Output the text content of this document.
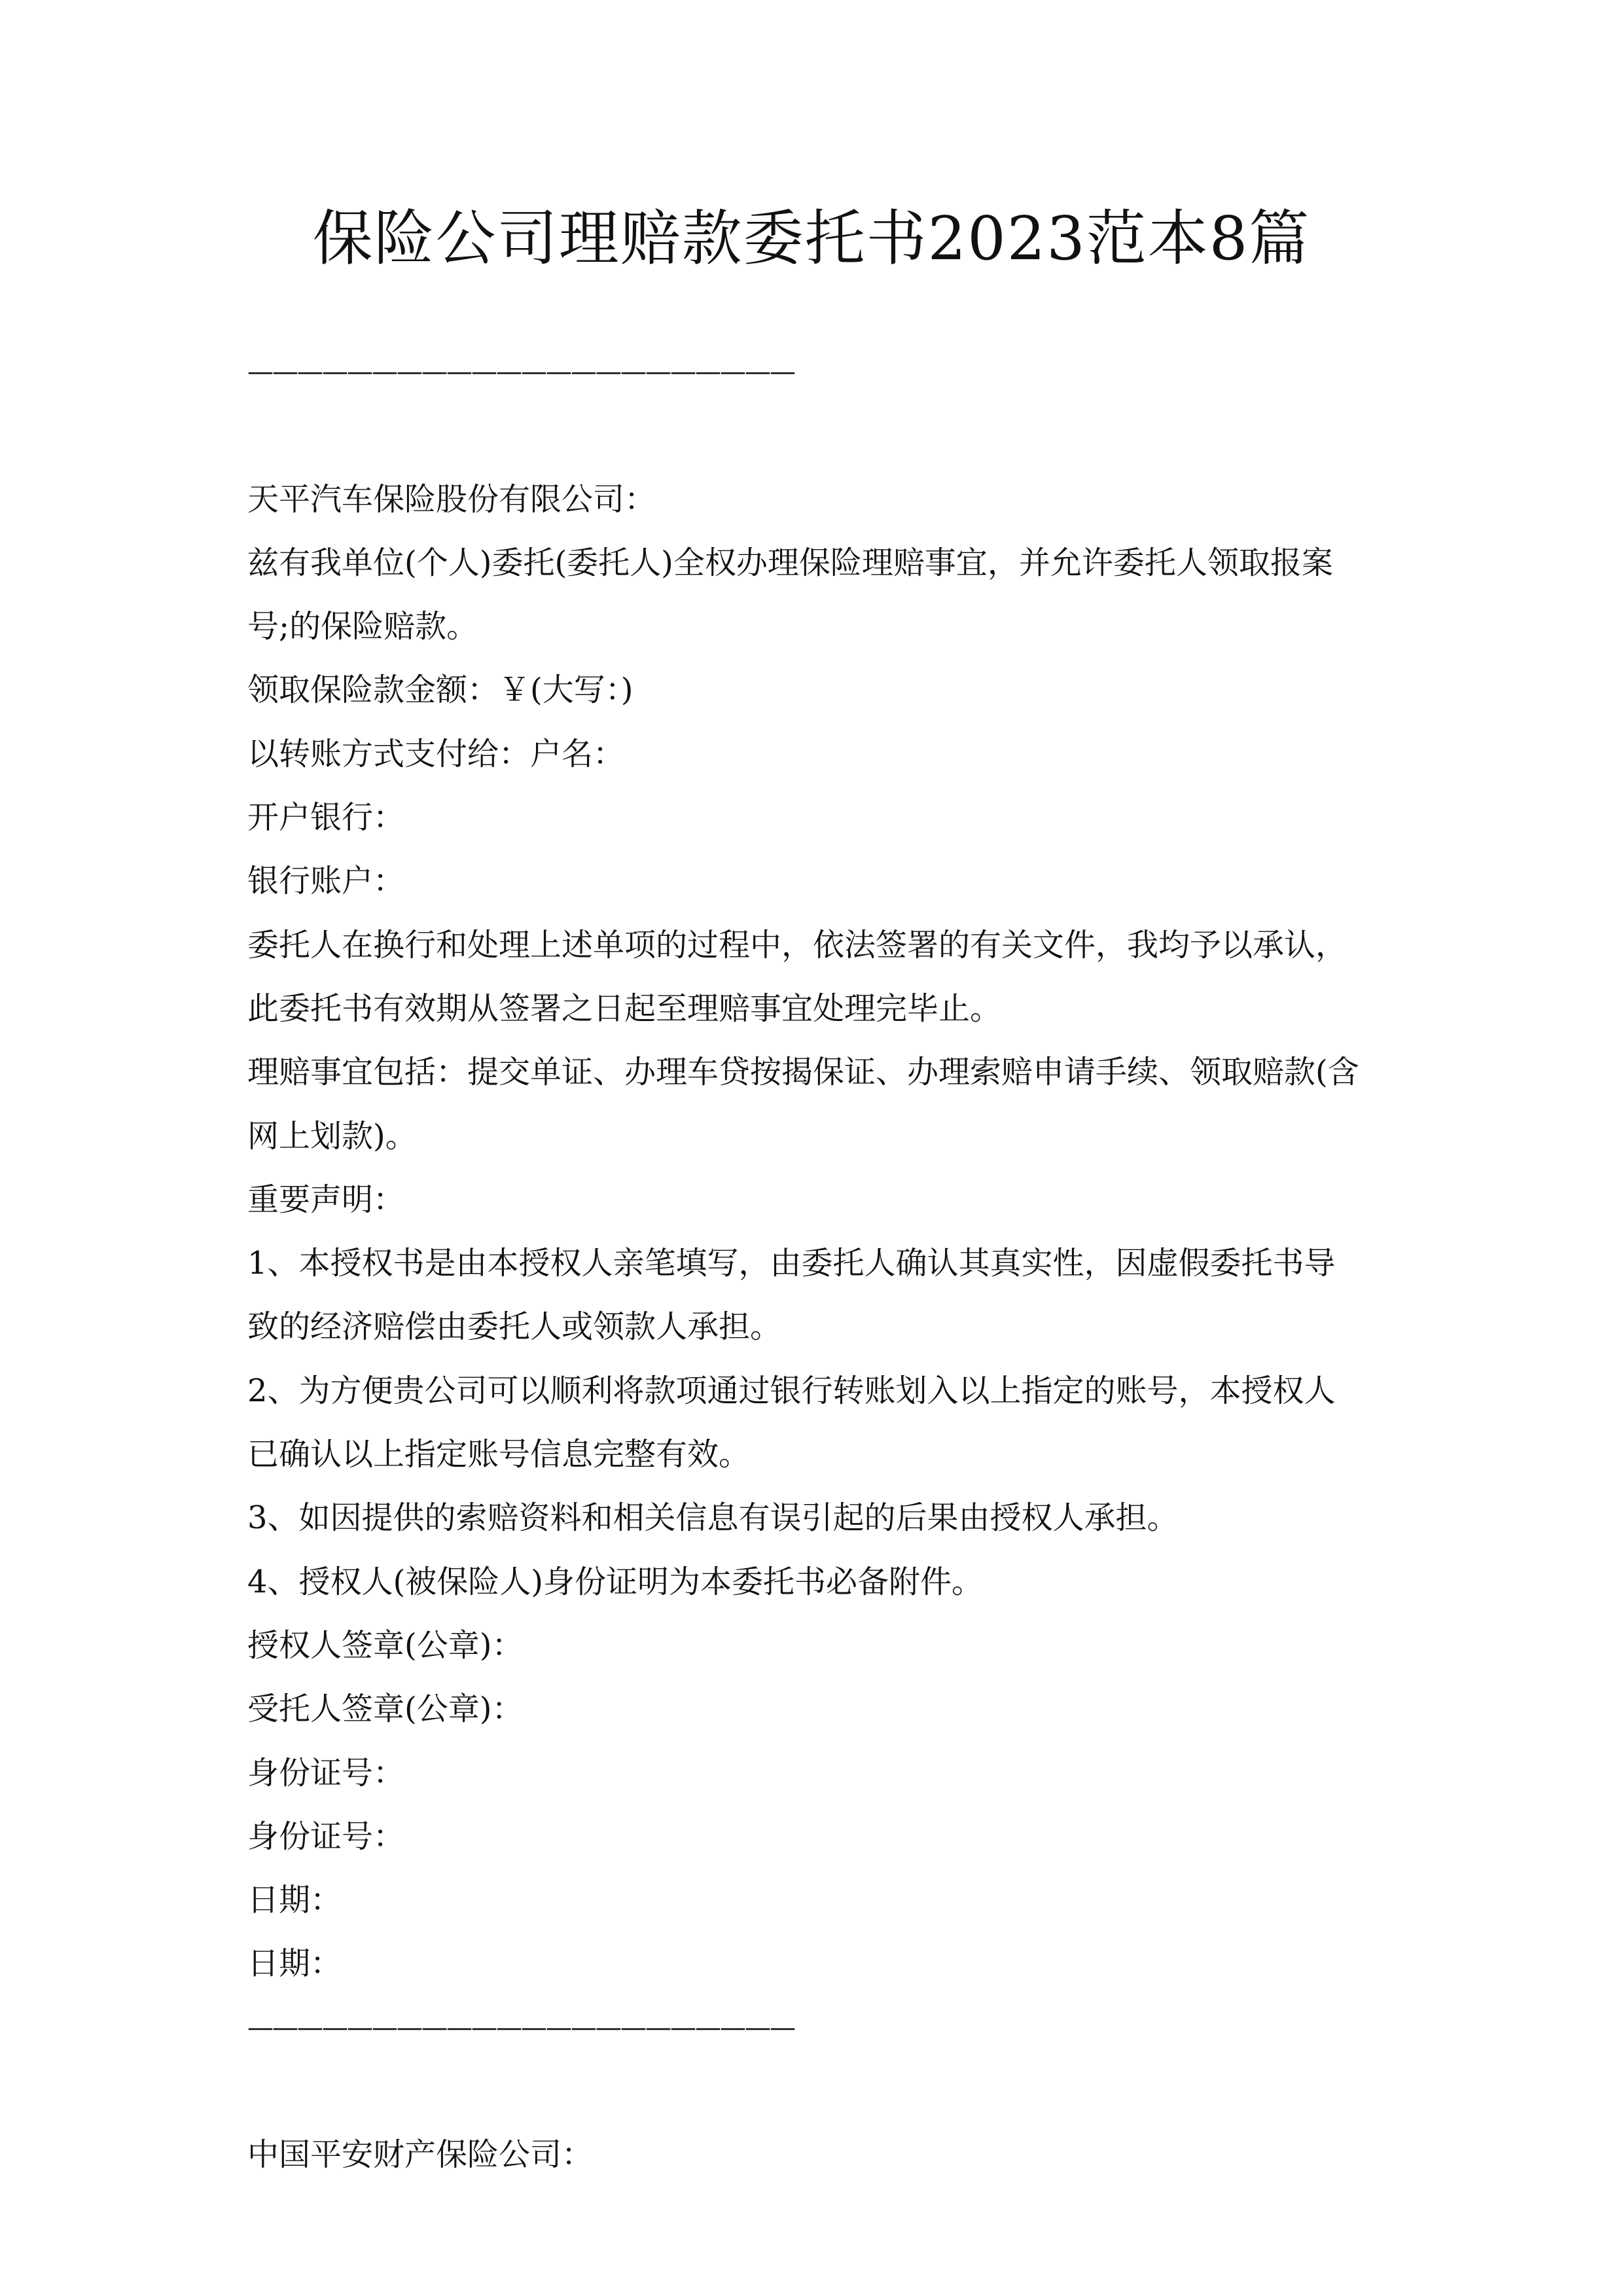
保险公司理赔款委托书2023范本8篇
——————————————————————
天平汽车保险股份有限公司：
兹有我单位(个人)委托(委托人)全权办理保险理赔事宜，并允许委托人领取报案
号;的保险赔款。
领取保险款金额：￥(大写：)
以转账方式支付给：户名：
开户银行：
银行账户：
委托人在换行和处理上述单项的过程中，依法签署的有关文件，我均予以承认，
此委托书有效期从签署之日起至理赔事宜处理完毕止。
理赔事宜包括：提交单证、办理车贷按揭保证、办理索赔申请手续、领取赔款(含
网上划款)。
重要声明：
1、本授权书是由本授权人亲笔填写，由委托人确认其真实性，因虚假委托书导
致的经济赔偿由委托人或领款人承担。
2、为方便贵公司可以顺利将款项通过银行转账划入以上指定的账号，本授权人
已确认以上指定账号信息完整有效。
3、如因提供的索赔资料和相关信息有误引起的后果由授权人承担。
4、授权人(被保险人)身份证明为本委托书必备附件。
授权人签章(公章)：
受托人签章(公章)：
身份证号：
身份证号：
日期：
日期：
——————————————————————
中国平安财产保险公司：
